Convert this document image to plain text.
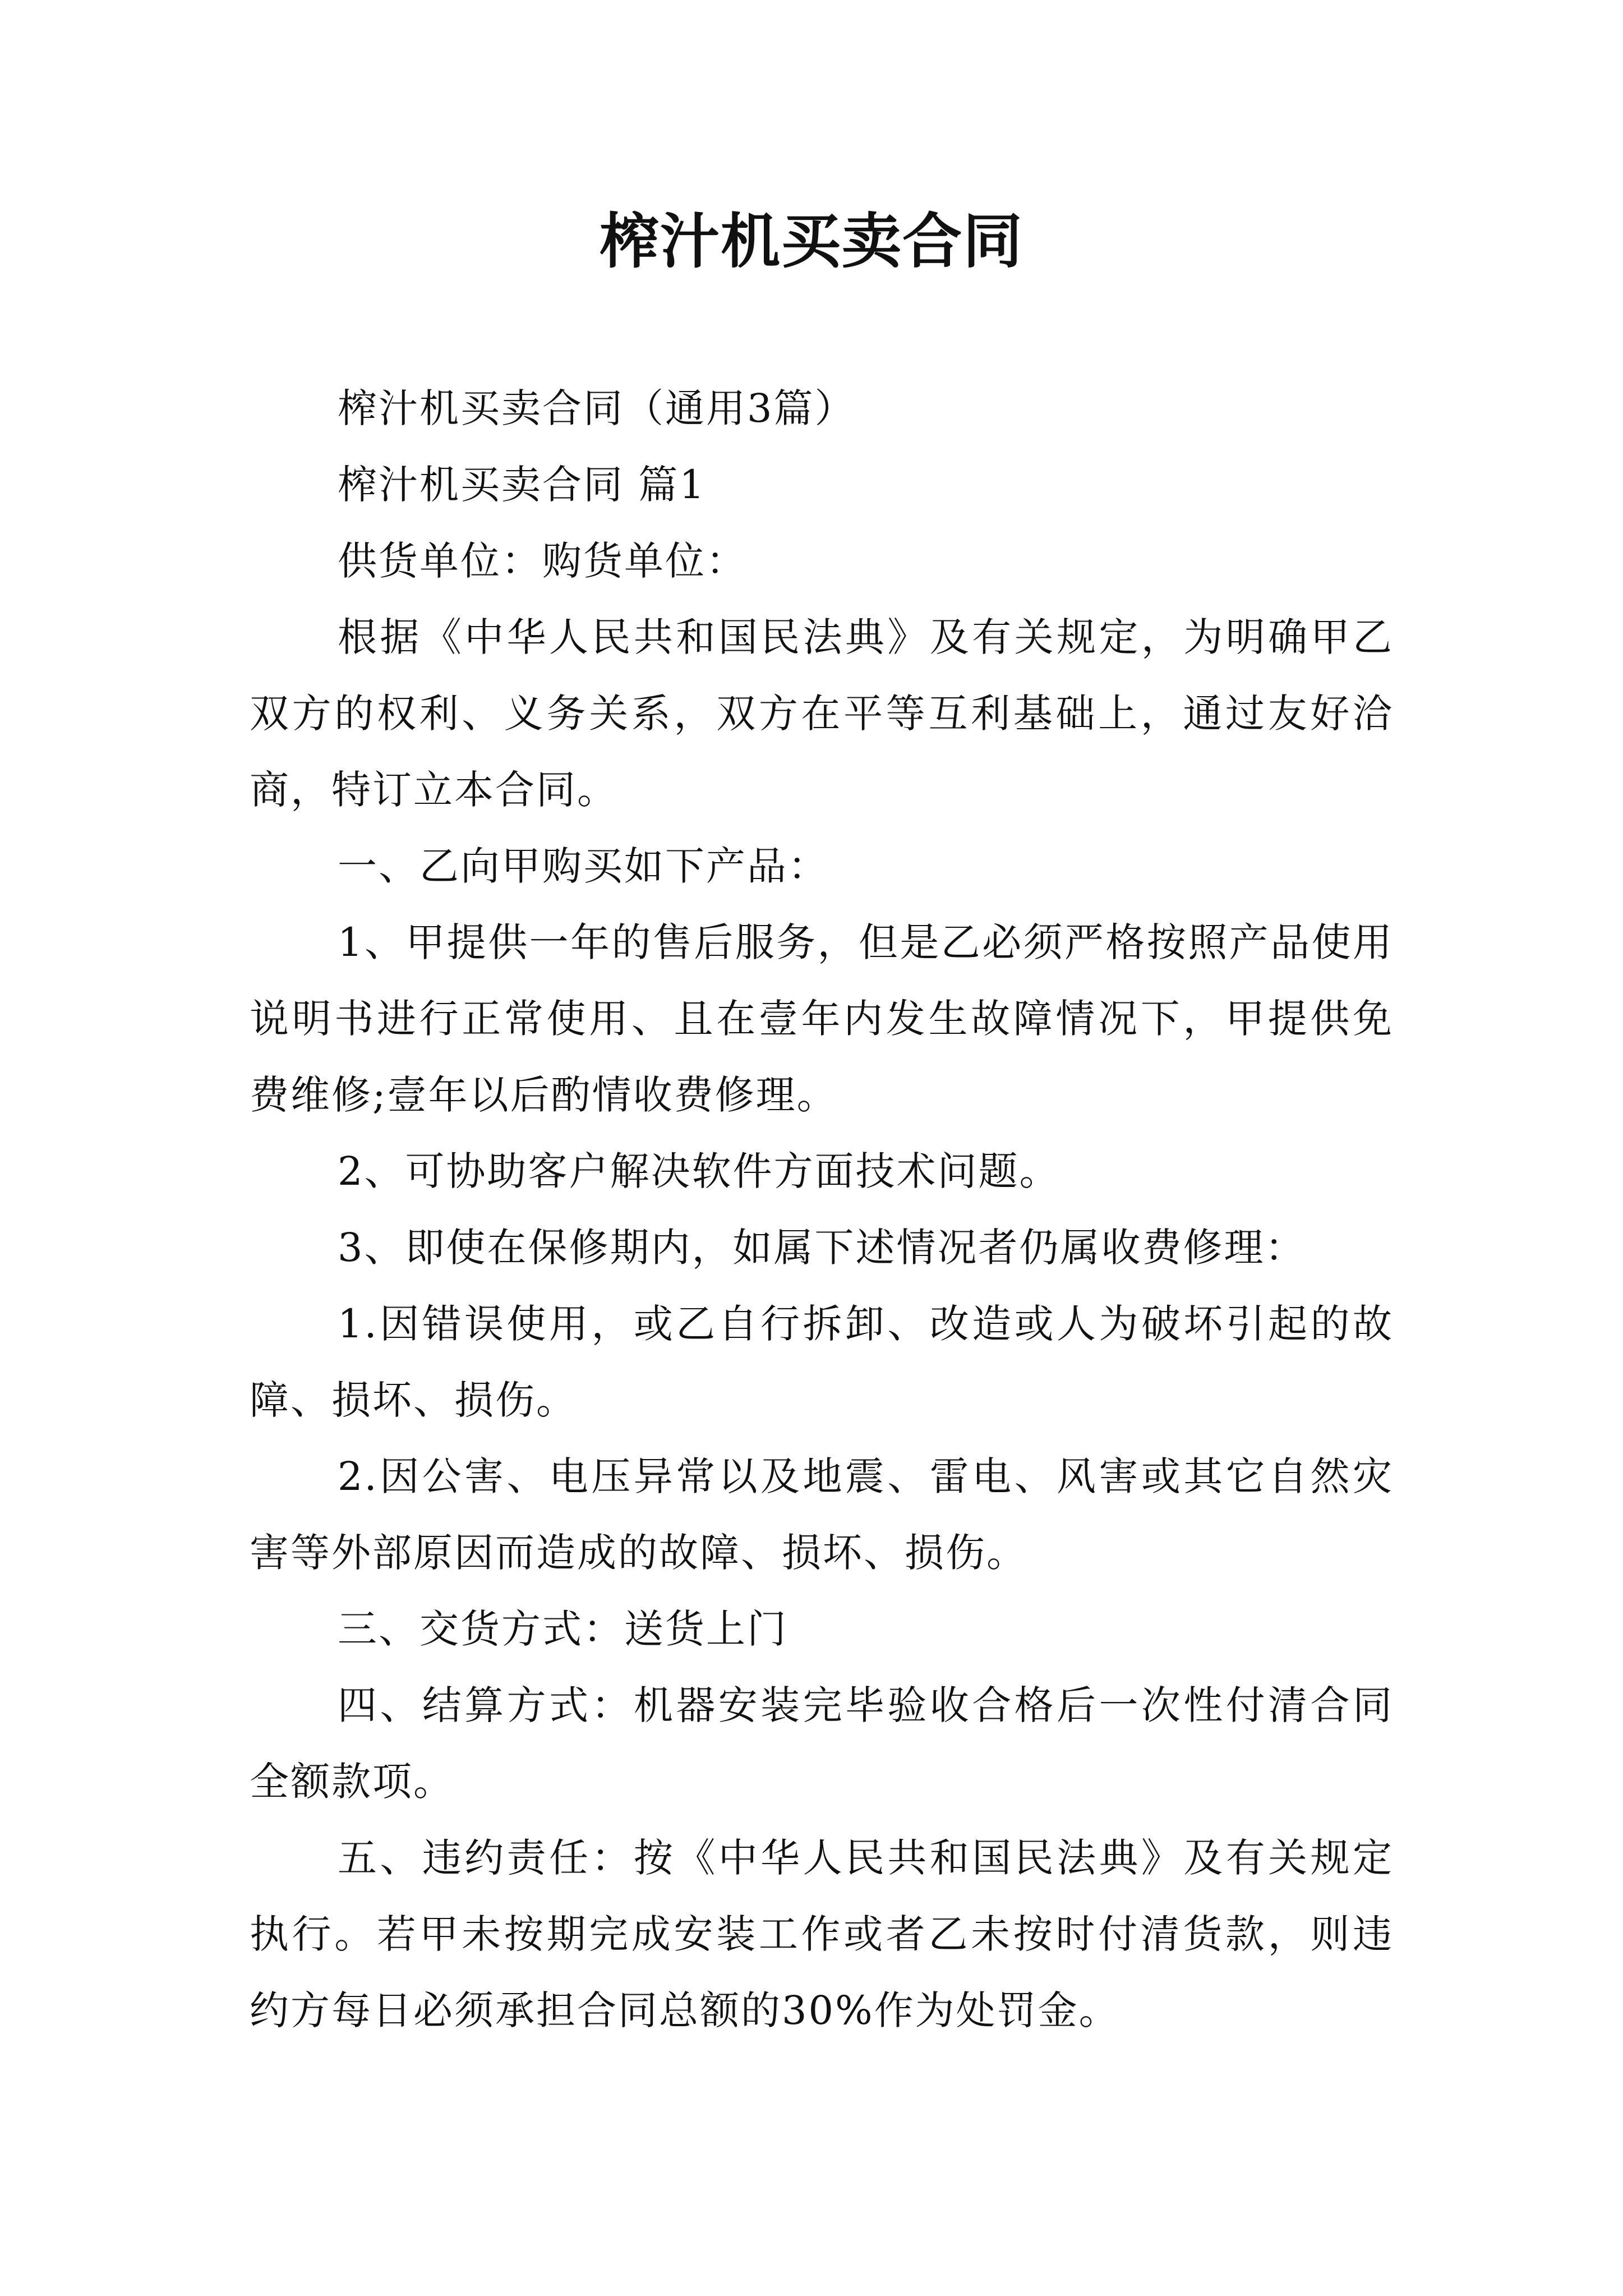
榨汁机买卖合同

榨汁机买卖合同（通用3篇）

榨汁机买卖合同 篇1

供货单位：购货单位：

根据《中华人民共和国民法典》及有关规定，为明确甲乙双方的权利、义务关系，双方在平等互利基础上，通过友好洽商，特订立本合同。

一、乙向甲购买如下产品：

1、甲提供一年的售后服务，但是乙必须严格按照产品使用说明书进行正常使用、且在壹年内发生故障情况下，甲提供免费维修;壹年以后酌情收费修理。

2、可协助客户解决软件方面技术问题。

3、即使在保修期内，如属下述情况者仍属收费修理：

1.因错误使用，或乙自行拆卸、改造或人为破坏引起的故障、损坏、损伤。

2.因公害、电压异常以及地震、雷电、风害或其它自然灾害等外部原因而造成的故障、损坏、损伤。

三、交货方式：送货上门

四、结算方式：机器安装完毕验收合格后一次性付清合同全额款项。

五、违约责任：按《中华人民共和国民法典》及有关规定执行。若甲未按期完成安装工作或者乙未按时付清货款，则违约方每日必须承担合同总额的30%作为处罚金。
